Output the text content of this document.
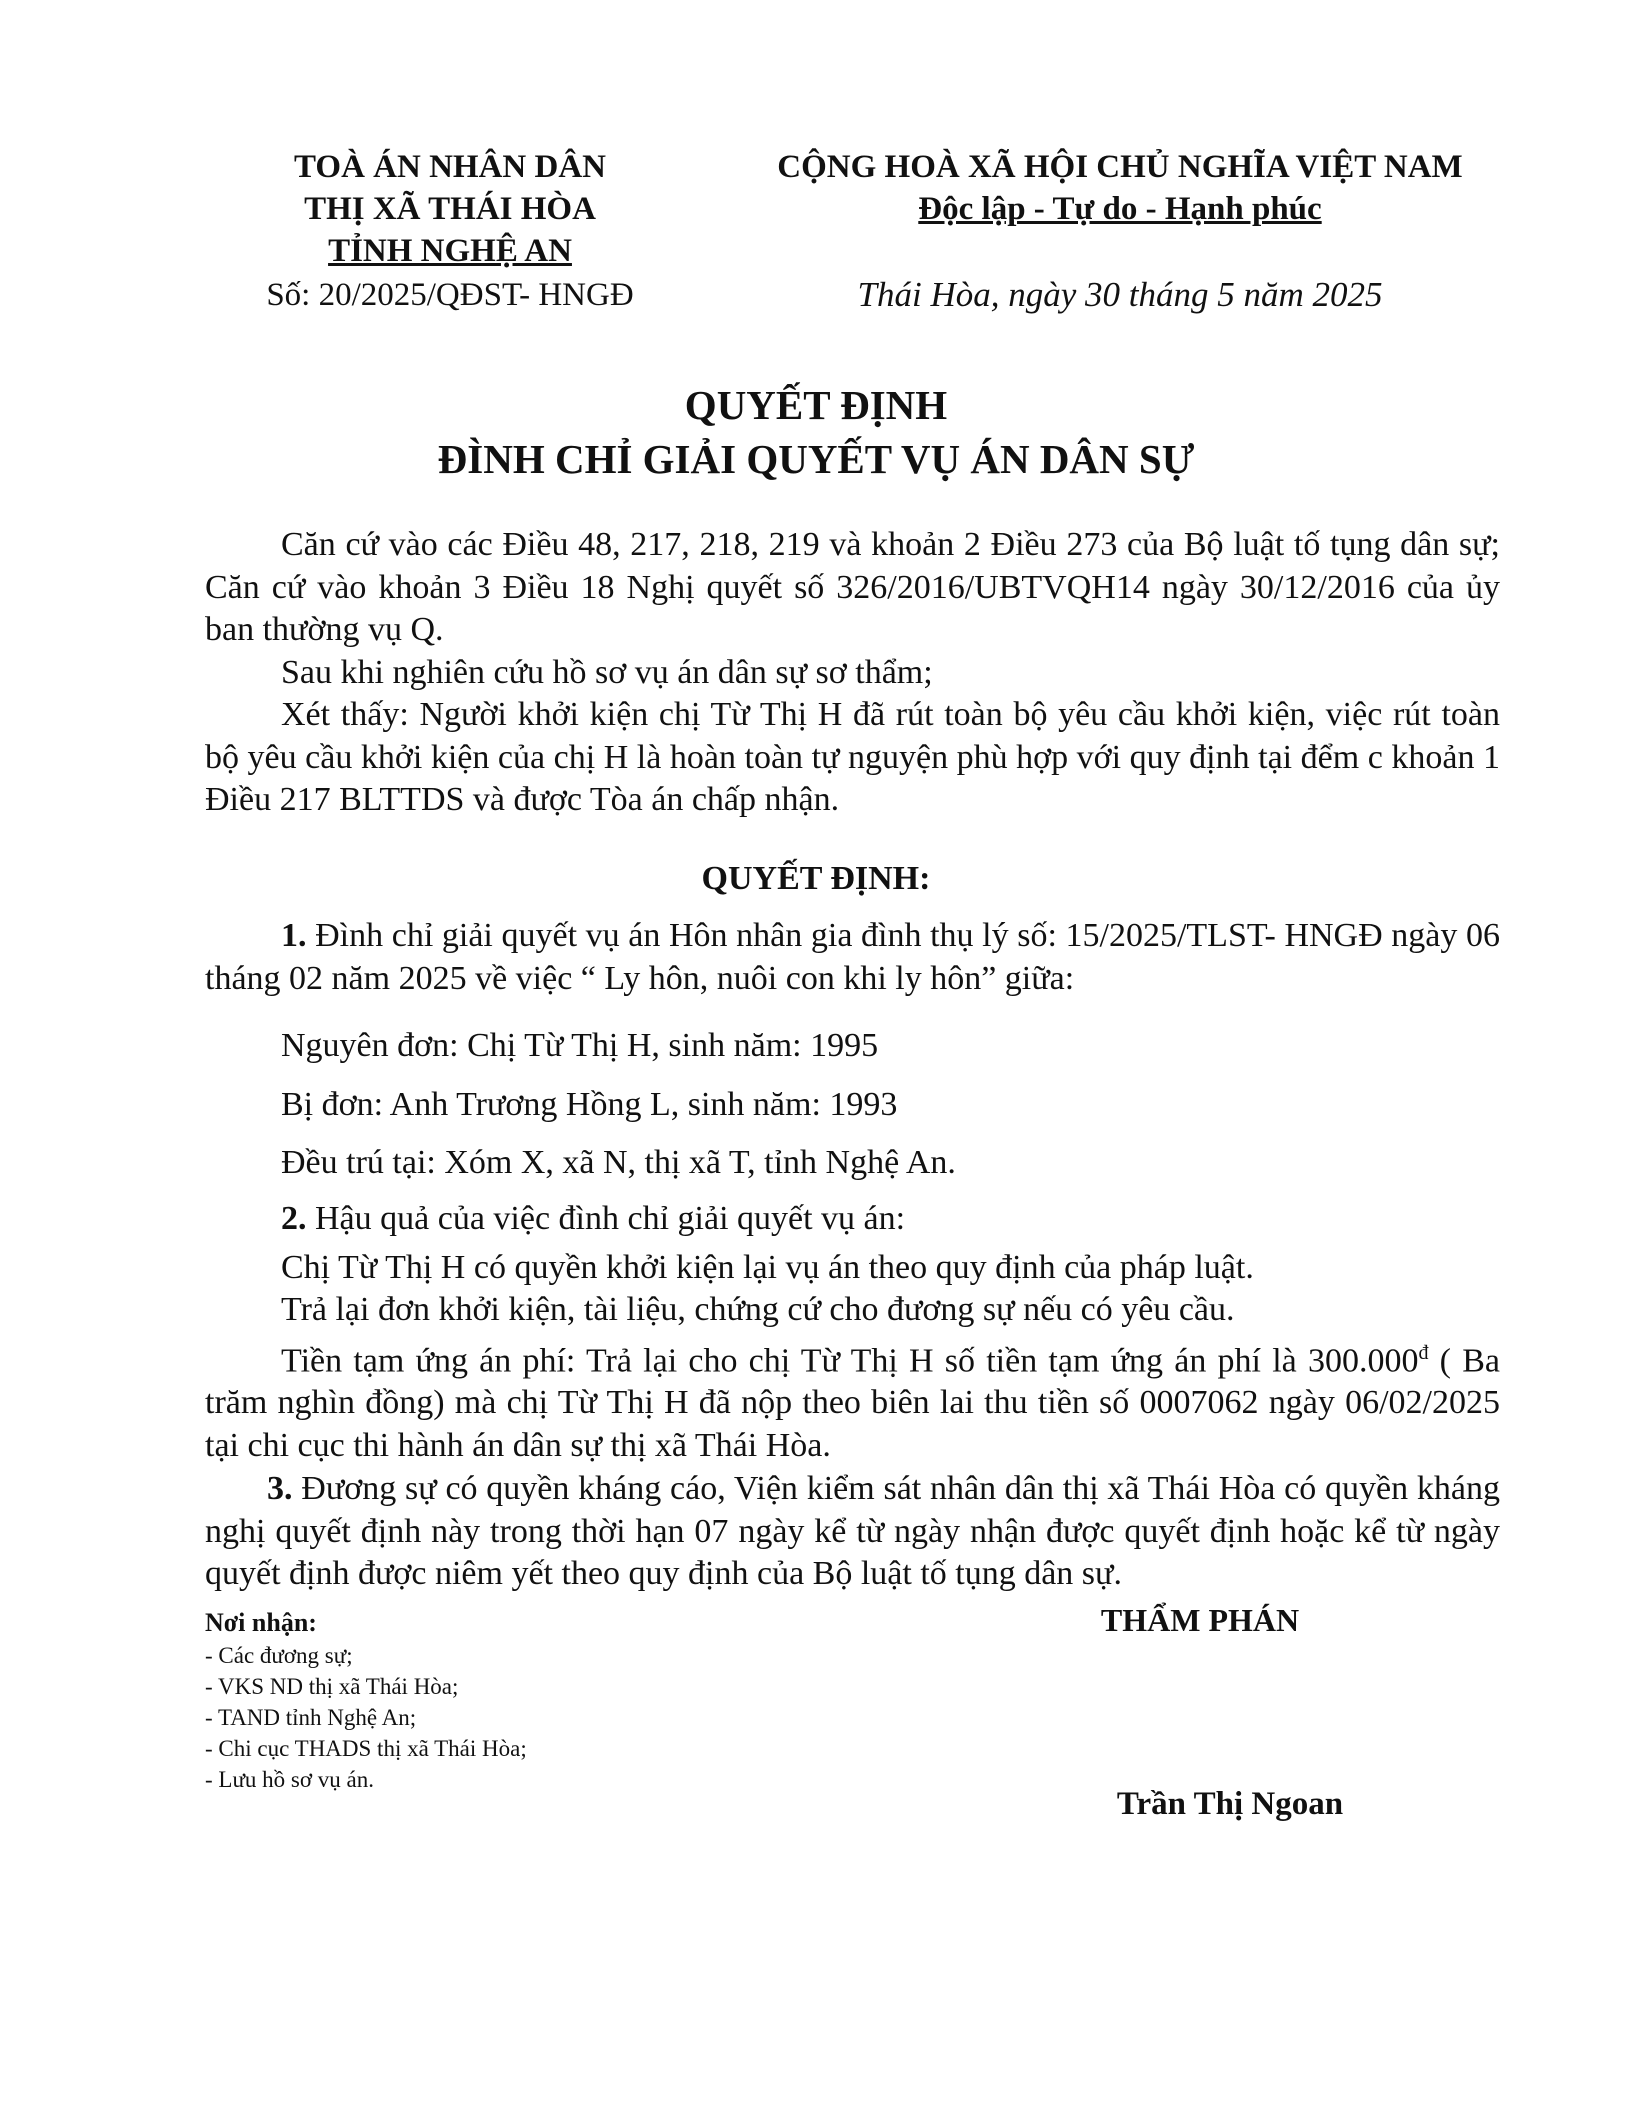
TOÀ ÁN NHÂN DÂN
THỊ XÃ THÁI HÒA
TỈNH NGHỆ AN
Số: 20/2025/QĐST- HNGĐ
CỘNG HOÀ XÃ HỘI CHỦ NGHĨA VIỆT NAM
Độc lập - Tự do - Hạnh phúc
Thái Hòa, ngày 30 tháng 5 năm 2025
QUYẾT ĐỊNH
ĐÌNH CHỈ GIẢI QUYẾT VỤ ÁN DÂN SỰ

Căn cứ vào các Điều 48, 217, 218, 219 và khoản 2 Điều 273 của Bộ luật tố tụng dân sự; Căn cứ vào khoản 3 Điều 18 Nghị quyết số 326/2016/UBTVQH14 ngày 30/12/2016 của ủy ban thường vụ Q.

Sau khi nghiên cứu hồ sơ vụ án dân sự sơ thẩm;

Xét thấy: Người khởi kiện chị Từ Thị H đã rút toàn bộ yêu cầu khởi kiện, việc rút toàn bộ yêu cầu khởi kiện của chị H là hoàn toàn tự nguyện phù hợp với quy định tại đểm c khoản 1 Điều 217 BLTTDS và được Tòa án chấp nhận.

QUYẾT ĐỊNH:

1. Đình chỉ giải quyết vụ án Hôn nhân gia đình thụ lý số: 15/2025/TLST- HNGĐ ngày 06 tháng 02 năm 2025 về việc “ Ly hôn, nuôi con khi ly hôn” giữa:

Nguyên đơn: Chị Từ Thị H, sinh năm: 1995

Bị đơn: Anh Trương Hồng L, sinh năm: 1993

Đều trú tại: Xóm X, xã N, thị xã T, tỉnh Nghệ An.

2. Hậu quả của việc đình chỉ giải quyết vụ án:

Chị Từ Thị H có quyền khởi kiện lại vụ án theo quy định của pháp luật.

Trả lại đơn khởi kiện, tài liệu, chứng cứ cho đương sự nếu có yêu cầu.

Tiền tạm ứng án phí: Trả lại cho chị Từ Thị H số tiền tạm ứng án phí là $300.000^đ$ ( Ba trăm nghìn đồng) mà chị Từ Thị H đã nộp theo biên lai thu tiền số 0007062 ngày 06/02/2025 tại chi cục thi hành án dân sự thị xã Thái Hòa.

3. Đương sự có quyền kháng cáo, Viện kiểm sát nhân dân thị xã Thái Hòa có quyền kháng nghị quyết định này trong thời hạn 07 ngày kể từ ngày nhận được quyết định hoặc kể từ ngày quyết định được niêm yết theo quy định của Bộ luật tố tụng dân sự.

Nơi nhận:
- Các đương sự;
- VKS ND thị xã Thái Hòa;
- TAND tỉnh Nghệ An;
- Chi cục THADS thị xã Thái Hòa;
- Lưu hồ sơ vụ án.
THẨM PHÁN
Trần Thị Ngoan
